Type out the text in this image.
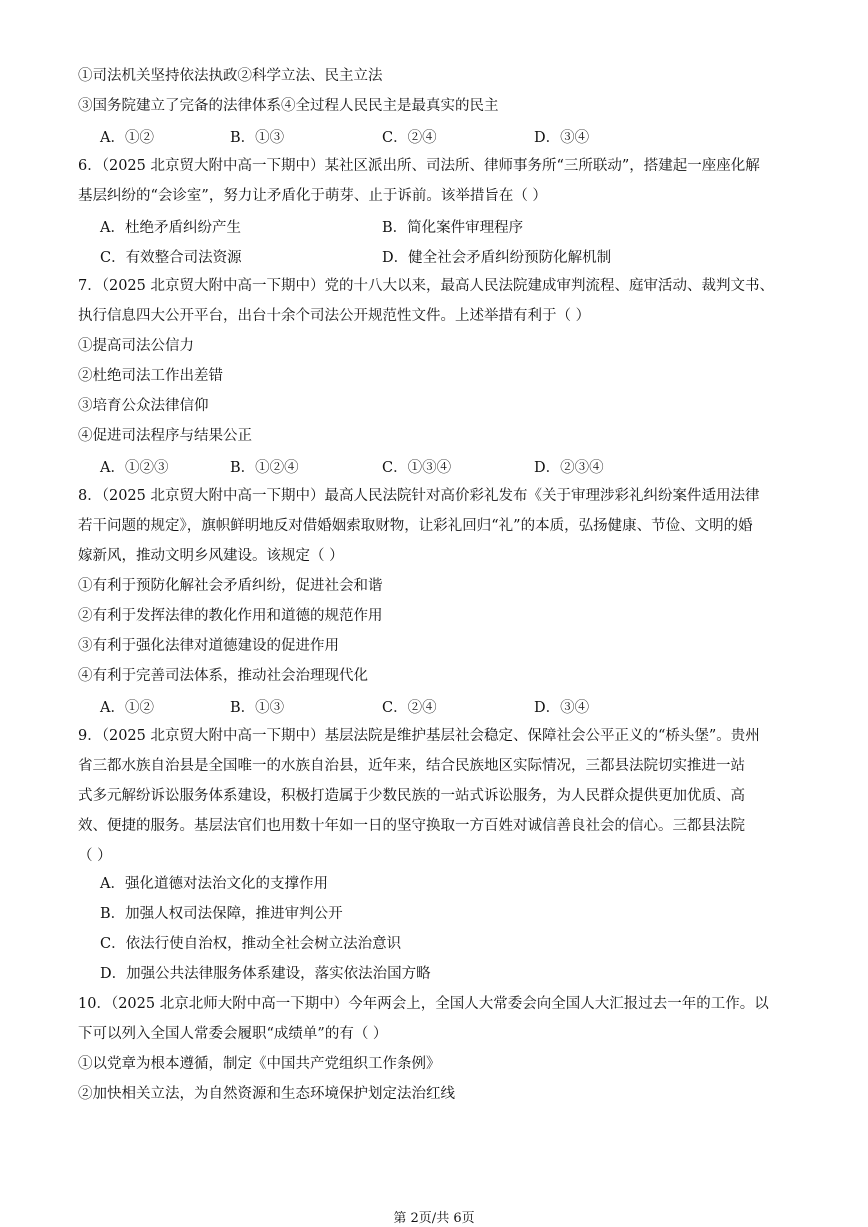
①司法机关坚持依法执政②科学立法、民主立法
③国务院建立了完备的法律体系④全过程人民民主是最真实的民主
A．①②	B．①③	C．②④	D．③④
6．（2025 北京贸大附中高一下期中）某社区派出所、司法所、律师事务所“三所联动”，搭建起一座座化解
基层纠纷的“会诊室”，努力让矛盾化于萌芽、止于诉前。该举措旨在（ ）
A．杜绝矛盾纠纷产生	B．简化案件审理程序
C．有效整合司法资源	D．健全社会矛盾纠纷预防化解机制
7．（2025 北京贸大附中高一下期中）党的十八大以来，最高人民法院建成审判流程、庭审活动、裁判文书、
执行信息四大公开平台，出台十余个司法公开规范性文件。上述举措有利于（ ）
①提高司法公信力
②杜绝司法工作出差错
③培育公众法律信仰
④促进司法程序与结果公正
A．①②③	B．①②④	C．①③④	D．②③④
8．（2025 北京贸大附中高一下期中）最高人民法院针对高价彩礼发布《关于审理涉彩礼纠纷案件适用法律
若干问题的规定》，旗帜鲜明地反对借婚姻索取财物，让彩礼回归“礼”的本质，弘扬健康、节俭、文明的婚
嫁新风，推动文明乡风建设。该规定（ ）
①有利于预防化解社会矛盾纠纷，促进社会和谐
②有利于发挥法律的教化作用和道德的规范作用
③有利于强化法律对道德建设的促进作用
④有利于完善司法体系，推动社会治理现代化
A．①②	B．①③	C．②④	D．③④
9．（2025 北京贸大附中高一下期中）基层法院是维护基层社会稳定、保障社会公平正义的“桥头堡”。贵州
省三都水族自治县是全国唯一的水族自治县，近年来，结合民族地区实际情况，三都县法院切实推进一站
式多元解纷诉讼服务体系建设，积极打造属于少数民族的一站式诉讼服务，为人民群众提供更加优质、高
效、便捷的服务。基层法官们也用数十年如一日的坚守换取一方百姓对诚信善良社会的信心。三都县法院
（ ）
A．强化道德对法治文化的支撑作用
B．加强人权司法保障，推进审判公开
C．依法行使自治权，推动全社会树立法治意识
D．加强公共法律服务体系建设，落实依法治国方略
10．（2025 北京北师大附中高一下期中）今年两会上，全国人大常委会向全国人大汇报过去一年的工作。以
下可以列入全国人常委会履职“成绩单”的有（ ）
①以党章为根本遵循，制定《中国共产党组织工作条例》
②加快相关立法，为自然资源和生态环境保护划定法治红线
第 2页/共 6页
